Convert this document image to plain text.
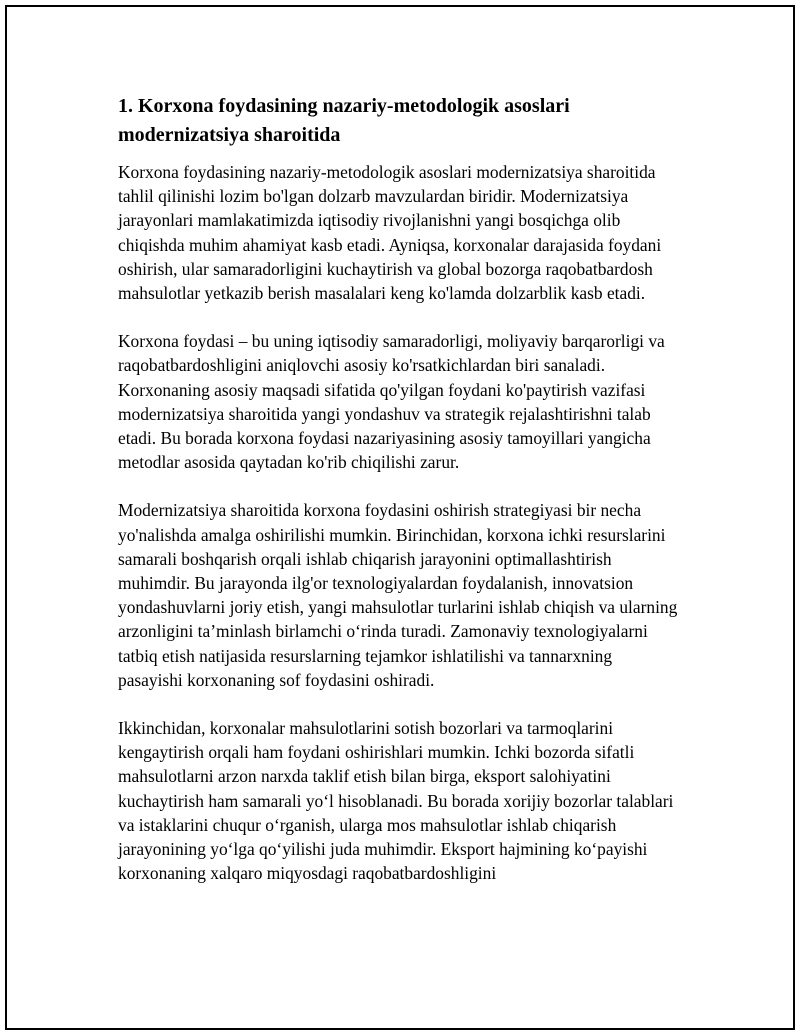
1. Korxona foydasining nazariy-metodologik asoslari modernizatsiya sharoitida

Korxona foydasining nazariy-metodologik asoslari modernizatsiya sharoitida tahlil qilinishi lozim bo'lgan dolzarb mavzulardan biridir. Modernizatsiya jarayonlari mamlakatimizda iqtisodiy rivojlanishni yangi bosqichga olib chiqishda muhim ahamiyat kasb etadi. Ayniqsa, korxonalar darajasida foydani oshirish, ular samaradorligini kuchaytirish va global bozorga raqobatbardosh mahsulotlar yetkazib berish masalalari keng ko'lamda dolzarblik kasb etadi.

Korxona foydasi – bu uning iqtisodiy samaradorligi, moliyaviy barqarorligi va raqobatbardoshligini aniqlovchi asosiy ko'rsatkichlardan biri sanaladi. Korxonaning asosiy maqsadi sifatida qo'yilgan foydani ko'paytirish vazifasi modernizatsiya sharoitida yangi yondashuv va strategik rejalashtirishni talab etadi. Bu borada korxona foydasi nazariyasining asosiy tamoyillari yangicha metodlar asosida qaytadan ko'rib chiqilishi zarur.

Modernizatsiya sharoitida korxona foydasini oshirish strategiyasi bir necha yo'nalishda amalga oshirilishi mumkin. Birinchidan, korxona ichki resurslarini samarali boshqarish orqali ishlab chiqarish jarayonini optimallashtirish muhimdir. Bu jarayonda ilg'or texnologiyalardan foydalanish, innovatsion yondashuvlarni joriy etish, yangi mahsulotlar turlarini ishlab chiqish va ularning arzonligini ta’minlash birlamchi o‘rinda turadi. Zamonaviy texnologiyalarni tatbiq etish natijasida resurslarning tejamkor ishlatilishi va tannarxning pasayishi korxonaning sof foydasini oshiradi.

Ikkinchidan, korxonalar mahsulotlarini sotish bozorlari va tarmoqlarini kengaytirish orqali ham foydani oshirishlari mumkin. Ichki bozorda sifatli mahsulotlarni arzon narxda taklif etish bilan birga, eksport salohiyatini kuchaytirish ham samarali yo‘l hisoblanadi. Bu borada xorijiy bozorlar talablari va istaklarini chuqur o‘rganish, ularga mos mahsulotlar ishlab chiqarish jarayonining yo‘lga qo‘yilishi juda muhimdir. Eksport hajmining ko‘payishi korxonaning xalqaro miqyosdagi raqobatbardoshligini
